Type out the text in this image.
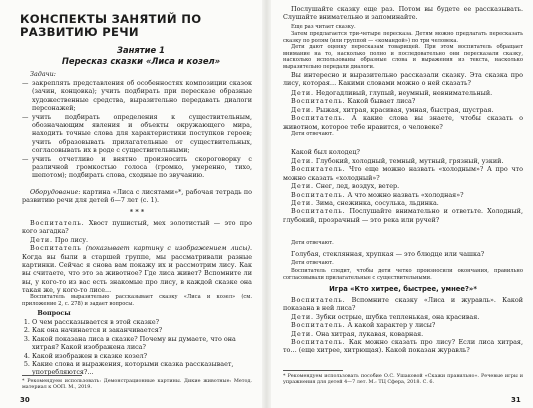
КОНСПЕКТЫ ЗАНЯТИЙ ПО РАЗВИТИЮ РЕЧИ
Занятие 1
Пересказ сказки «Лиса и козел»
Задачи:
— закреплять представления об особенностях композиции сказок (зачин, концовка); учить подбирать при пересказе образные художественные средства, выразительно передавать диалоги персонажей;
— учить подбирать определения к существительным, обозначающим явления и объекты окружающего мира, находить точные слова для характеристики поступков героев; учить образовывать прилагательные от существительных, согласовывать их в роде с существительными;
— учить отчетливо и внятно произносить скороговорку с различной громкостью голоса (громко, умеренно, тихо, шепотом); подбирать слова, сходные по звучанию.
Оборудование: картина «Лиса с лисятами»*, рабочая тетрадь по развитию речи для детей 6—7 лет (с. 1).
* * *
Воспитатель. Хвост пушистый, мех золотистый — это про кого загадка?
Дети. Про лису.
Воспитатель (показывает картину с изображением лисы). Когда вы были в старшей группе, мы рассматривали разные картинки. Сейчас я снова вам покажу их и рассмотрим лису. Как вы считаете, что это за животное? Где лиса живет? Вспомните ли вы, у кого-то из вас есть знакомые про лису, в каждой сказке она такая же, у кого-то лисе...
Воспитатель выразительно рассказывает сказку «Лиса и козел» (см. приложение 2, с. 278) и задает вопросы.
Вопросы
1. О чем рассказывается в этой сказке?
2. Как она начинается и заканчивается?
3. Какой показана лиса в сказке? Почему вы думаете, что она хитрая? Какой изображена лиса?
4. Какой изображен в сказке козел?
5. Какие слова и выражения, которыми сказка рассказывает, употребляются?...
* Рекомендуем использовать: Демонстрационные картины. Дикие животные: Метод. материал к ООП. М., 2019.
30
Послушайте сказку еще раз. Потом вы будете ее рассказывать. Слушайте внимательно и запоминайте.
Еще раз читает сказку.
Затем предлагается три-четыре пересказа. Детям можно предлагать пересказать сказку по ролям (или группой — «командой») по три человека.
Дети дают оценку пересказам товарищей. При этом воспитатель обращает внимание на то, насколько полно и последовательно они пересказали сказку, насколько использованы образные слова и выражения из текста, насколько выразительно передали диалоги.
Вы интересно и выразительно рассказали сказку. Эта сказка про лису, которая… Какими словами можно о ней сказать?
Дети. Недогадливый, глупый, неумный, невнимательный.
Воспитатель. Какой бывает лиса?
Дети. Рыжая, хитрая, красивая, умная, быстрая, шустрая.
Воспитатель. А какие слова вы знаете, чтобы сказать о животном, которое тебе нравится, о человеке?
Дети отвечают.
Какой был колодец?
Дети. Глубокий, холодный, темный, мутный, грязный, узкий.
Воспитатель. Что еще можно назвать «холодным»? А про что можно сказать «холодный»?
Дети. Снег, лед, воздух, ветер.
Воспитатель. А что можно назвать «холодная»?
Дети. Зима, снежинка, сосулька, льдинка.
Воспитатель. Послушайте внимательно и ответьте. Холодный, глубокий, прозрачный — это река или ручей?
Дети отвечают.
Голубая, стеклянная, хрупкая — это блюдце или чашка?
Дети отвечают.
Воспитатель следит, чтобы дети четко произносили окончания, правильно согласовывали прилагательные с существительными.
Игра «Кто хитрее, быстрее, умнее?»*
Воспитатель. Вспомните сказку «Лиса и журавль». Какой показана в ней лиса?
Дети. Зубки острые, шубка тепленькая, она красивая.
Воспитатель. А какой характер у лисы?
Дети. Она хитрая, лукавая, коварная.
Воспитатель. Как можно сказать про лису? Если лиса хитрая, то… (еще хитрее, хитрющая). Какой показан журавль?
* Рекомендуем использовать пособие О.С. Ушаковой «Скажи правильно». Речевые игры и упражнения для детей 4—7 лет. М.: ТЦ Сфера, 2018. С. 6.
31
